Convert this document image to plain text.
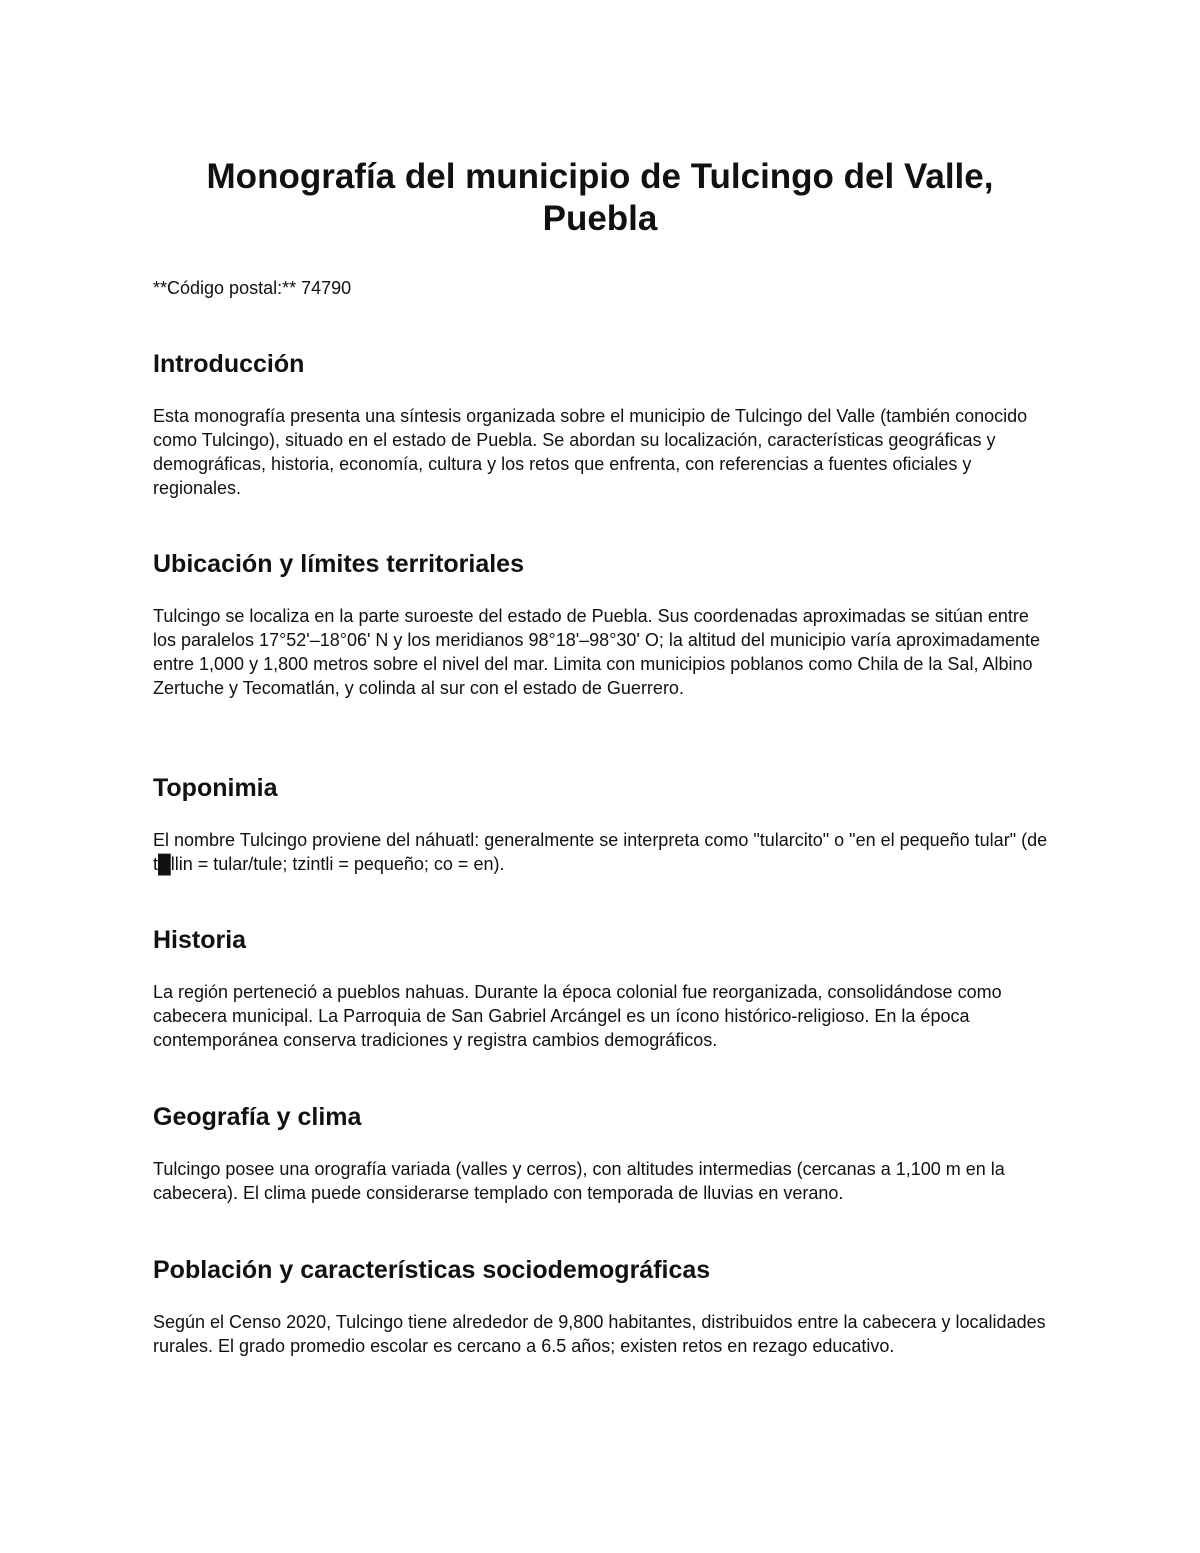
Monografía del municipio de Tulcingo del Valle, Puebla

**Código postal:** 74790

Introducción

Esta monografía presenta una síntesis organizada sobre el municipio de Tulcingo del Valle (también conocido como Tulcingo), situado en el estado de Puebla. Se abordan su localización, características geográficas y demográficas, historia, economía, cultura y los retos que enfrenta, con referencias a fuentes oficiales y regionales.

Ubicación y límites territoriales

Tulcingo se localiza en la parte suroeste del estado de Puebla. Sus coordenadas aproximadas se sitúan entre los paralelos 17°52'–18°06' N y los meridianos 98°18'–98°30' O; la altitud del municipio varía aproximadamente entre 1,000 y 1,800 metros sobre el nivel del mar. Limita con municipios poblanos como Chila de la Sal, Albino Zertuche y Tecomatlán, y colinda al sur con el estado de Guerrero.

Toponimia

El nombre Tulcingo proviene del náhuatl: generalmente se interpreta como "tularcito" o "en el pequeño tular" (de t█llin = tular/tule; tzintli = pequeño; co = en).

Historia

La región perteneció a pueblos nahuas. Durante la época colonial fue reorganizada, consolidándose como cabecera municipal. La Parroquia de San Gabriel Arcángel es un ícono histórico-religioso. En la época contemporánea conserva tradiciones y registra cambios demográficos.

Geografía y clima

Tulcingo posee una orografía variada (valles y cerros), con altitudes intermedias (cercanas a 1,100 m en la cabecera). El clima puede considerarse templado con temporada de lluvias en verano.

Población y características sociodemográficas

Según el Censo 2020, Tulcingo tiene alrededor de 9,800 habitantes, distribuidos entre la cabecera y localidades rurales. El grado promedio escolar es cercano a 6.5 años; existen retos en rezago educativo.
